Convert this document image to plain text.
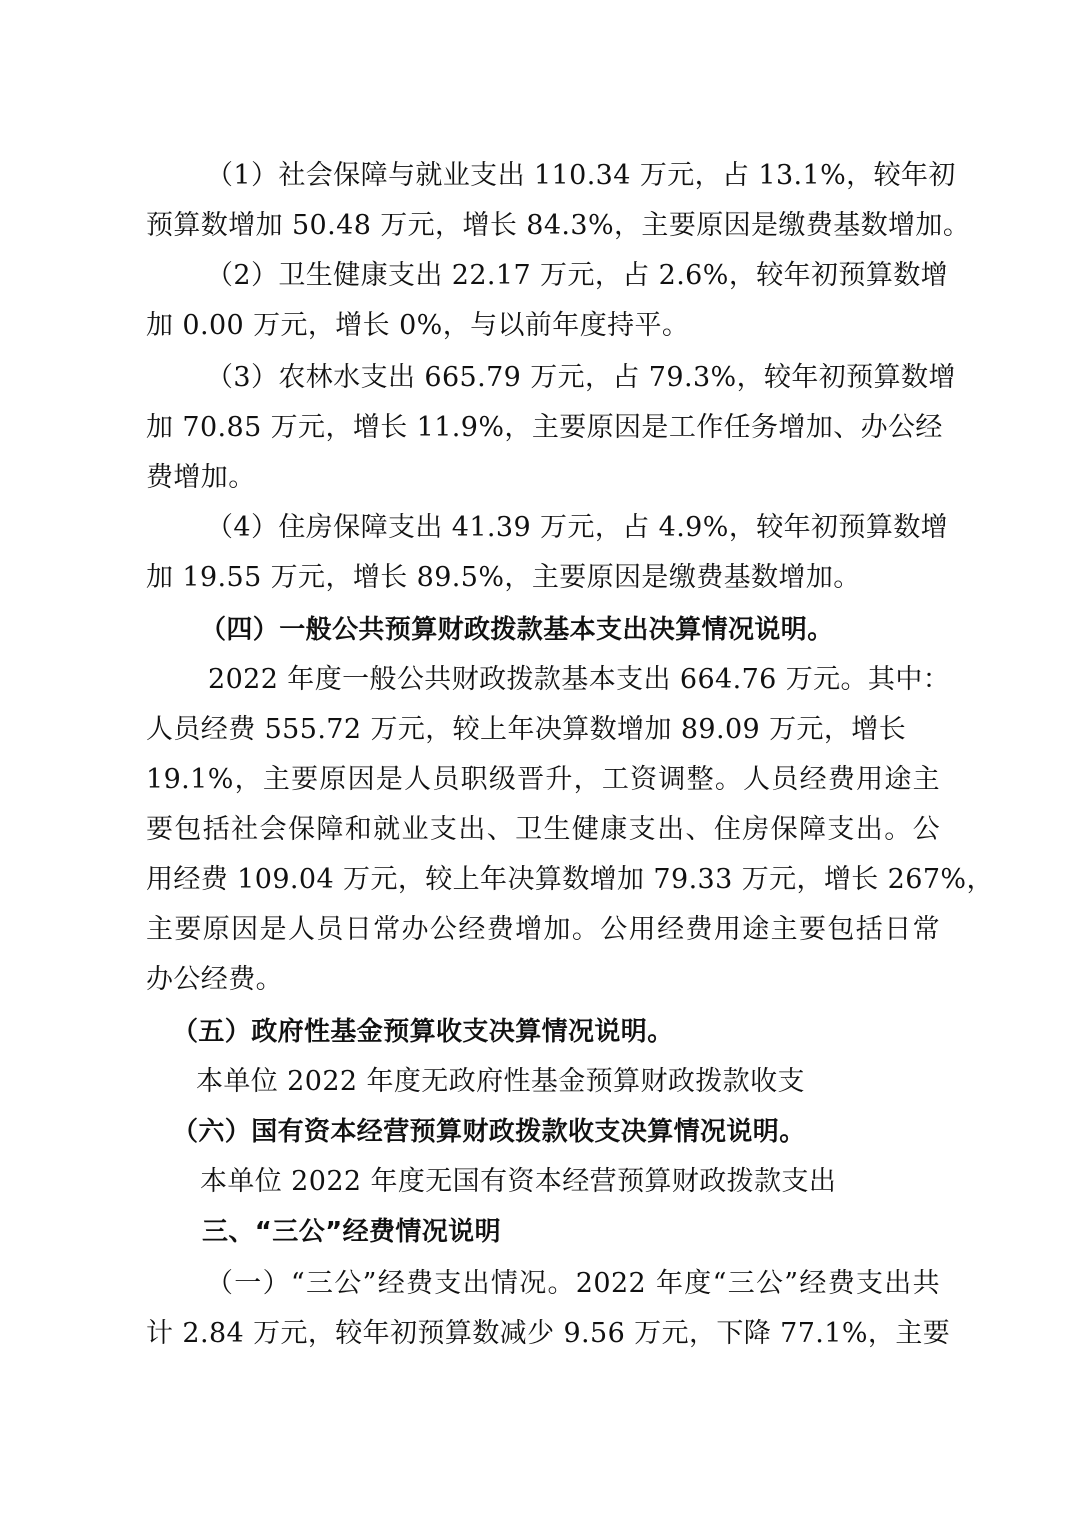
（1）社会保障与就业支出 110.34 万元，占 13.1%，较年初
预算数增加 50.48 万元，增长 84.3%，主要原因是缴费基数增加。
（2）卫生健康支出 22.17 万元，占 2.6%，较年初预算数增
加 0.00 万元，增长 0%，与以前年度持平。
（3）农林水支出 665.79 万元，占 79.3%，较年初预算数增
加 70.85 万元，增长 11.9%，主要原因是工作任务增加、办公经
费增加。
（4）住房保障支出 41.39 万元，占 4.9%，较年初预算数增
加 19.55 万元，增长 89.5%，主要原因是缴费基数增加。
（四）一般公共预算财政拨款基本支出决算情况说明。
2022 年度一般公共财政拨款基本支出 664.76 万元。其中：
人员经费 555.72 万元，较上年决算数增加 89.09 万元，增长
19.1%，主要原因是人员职级晋升，工资调整。人员经费用途主
要包括社会保障和就业支出、卫生健康支出、住房保障支出。公
用经费 109.04 万元，较上年决算数增加 79.33 万元，增长 267%，
主要原因是人员日常办公经费增加。公用经费用途主要包括日常
办公经费。
（五）政府性基金预算收支决算情况说明。
本单位 2022 年度无政府性基金预算财政拨款收支
（六）国有资本经营预算财政拨款收支决算情况说明。
本单位 2022 年度无国有资本经营预算财政拨款支出
三、“三公”经费情况说明
（一）“三公”经费支出情况。2022 年度“三公”经费支出共
计 2.84 万元，较年初预算数减少 9.56 万元，下降 77.1%，主要
